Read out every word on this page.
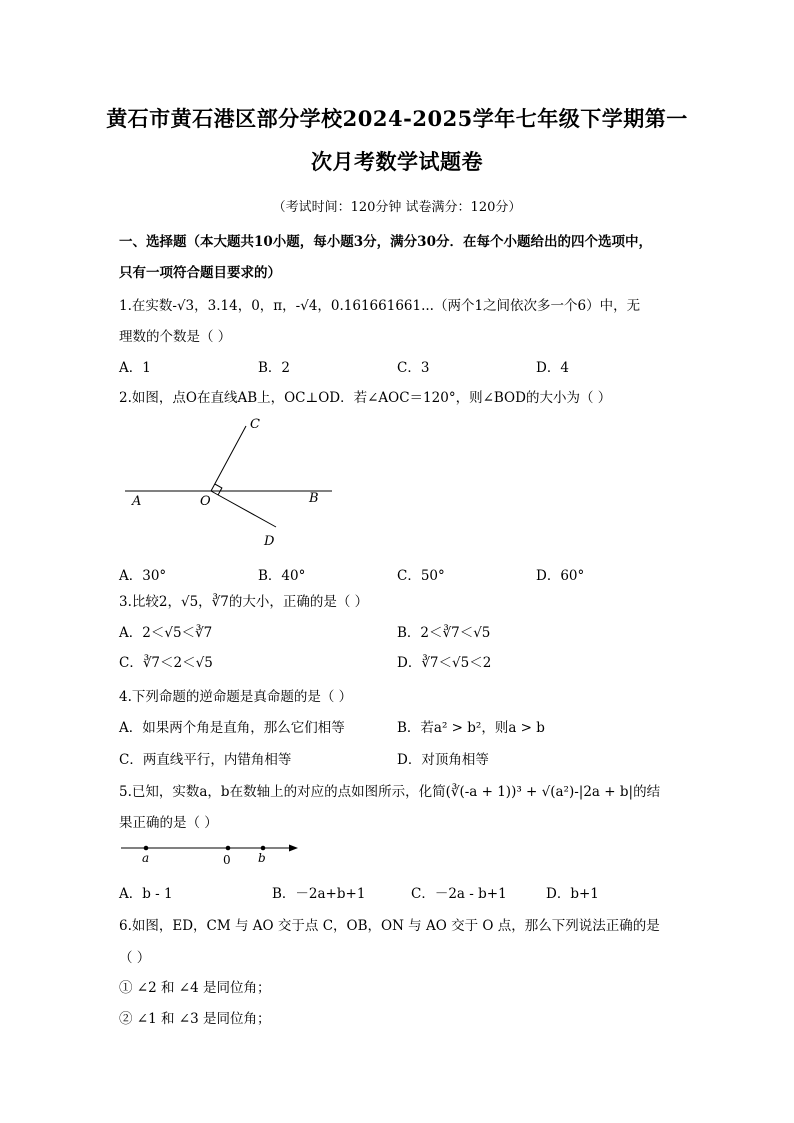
黄石市黄石港区部分学校2024-2025学年七年级下学期第一
次月考数学试题卷
（考试时间：120分钟 试卷满分：120分）
一、选择题（本大题共10小题，每小题3分，满分30分．在每个小题给出的四个选项中，
只有一项符合题目要求的）
1.在实数-√3，3.14，0，π，-√4，0.161661661...（两个1之间依次多一个6）中，无
理数的个数是（ ）
A．1	B．2	C．3	D．4
2.如图，点O在直线AB上，OC⊥OD．若∠AOC＝120°，则∠BOD的大小为（ ）
A	O	B
C
D
A．30°	B．40°	C．50°	D．60°
3.比较2，√5，∛7的大小，正确的是（ ）
A．2＜√5＜∛7	B．2＜∛7＜√5
C．∛7＜2＜√5	D．∛7＜√5＜2
4.下列命题的逆命题是真命题的是（ ）
A．如果两个角是直角，那么它们相等	B．若a² > b²，则a > b
C．两直线平行，内错角相等	D．对顶角相等
5.已知，实数a，b在数轴上的对应的点如图所示，化简(∛(-a + 1))³ + √(a²)-|2a + b|的结
果正确的是（ ）
a	0 b
A．b - 1	B．－2a+b+1	C．－2a - b+1	D．b+1
6.如图，ED，CM 与 AO 交于点 C，OB，ON 与 AO 交于 O 点，那么下列说法正确的是
（ ）
① ∠2 和 ∠4 是同位角；
② ∠1 和 ∠3 是同位角；
